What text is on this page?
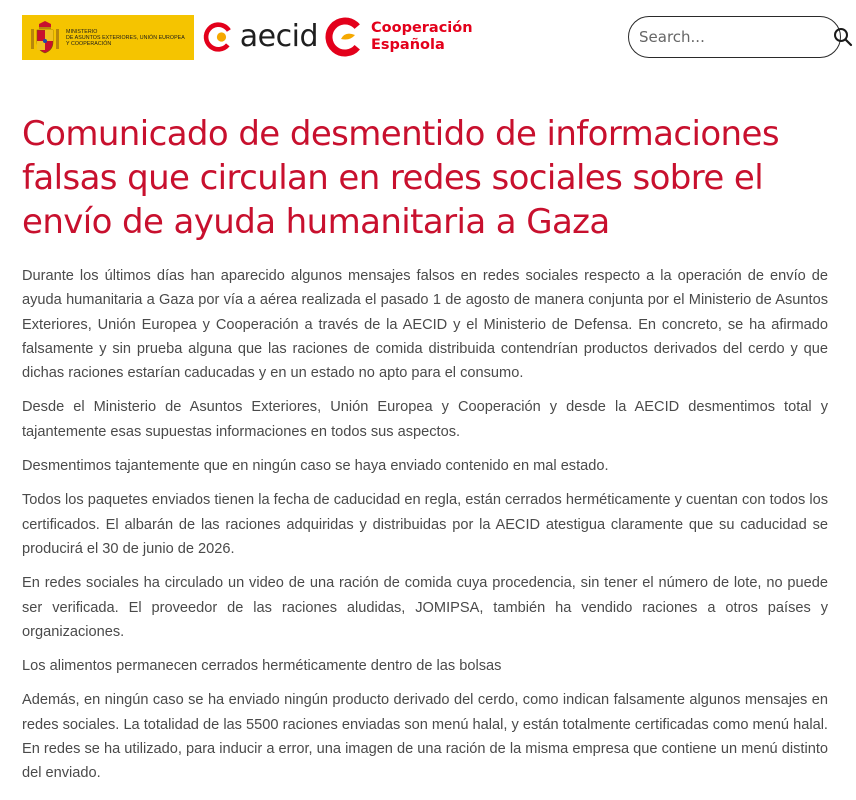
MINISTERIO
DE ASUNTOS EXTERIORES, UNIÓN EUROPEA
Y COOPERACIÓN	aecid	Cooperación
Española
Search...
Comunicado de desmentido de informaciones falsas que circulan en redes sociales sobre el envío de ayuda humanitaria a Gaza

Durante los últimos días han aparecido algunos mensajes falsos en redes sociales respecto a la operación de envío de ayuda humanitaria a Gaza por vía a aérea realizada el pasado 1 de agosto de manera conjunta por el Ministerio de Asuntos Exteriores, Unión Europea y Cooperación a través de la AECID y el Ministerio de Defensa. En concreto, se ha afirmado falsamente y sin prueba alguna que las raciones de comida distribuida contendrían productos derivados del cerdo y que dichas raciones estarían caducadas y en un estado no apto para el consumo.

Desde el Ministerio de Asuntos Exteriores, Unión Europea y Cooperación y desde la AECID desmentimos total y tajantemente esas supuestas informaciones en todos sus aspectos.

Desmentimos tajantemente que en ningún caso se haya enviado contenido en mal estado.

Todos los paquetes enviados tienen la fecha de caducidad en regla, están cerrados herméticamente y cuentan con todos los certificados. El albarán de las raciones adquiridas y distribuidas por la AECID atestigua claramente que su caducidad se producirá el 30 de junio de 2026.

En redes sociales ha circulado un video de una ración de comida cuya procedencia, sin tener el número de lote, no puede ser verificada. El proveedor de las raciones aludidas, JOMIPSA, también ha vendido raciones a otros países y organizaciones.

Los alimentos permanecen cerrados herméticamente dentro de las bolsas

Además, en ningún caso se ha enviado ningún producto derivado del cerdo, como indican falsamente algunos mensajes en redes sociales. La totalidad de las 5500 raciones enviadas son menú halal, y están totalmente certificadas como menú halal. En redes se ha utilizado, para inducir a error, una imagen de una ración de la misma empresa que contiene un menú distinto del enviado.
